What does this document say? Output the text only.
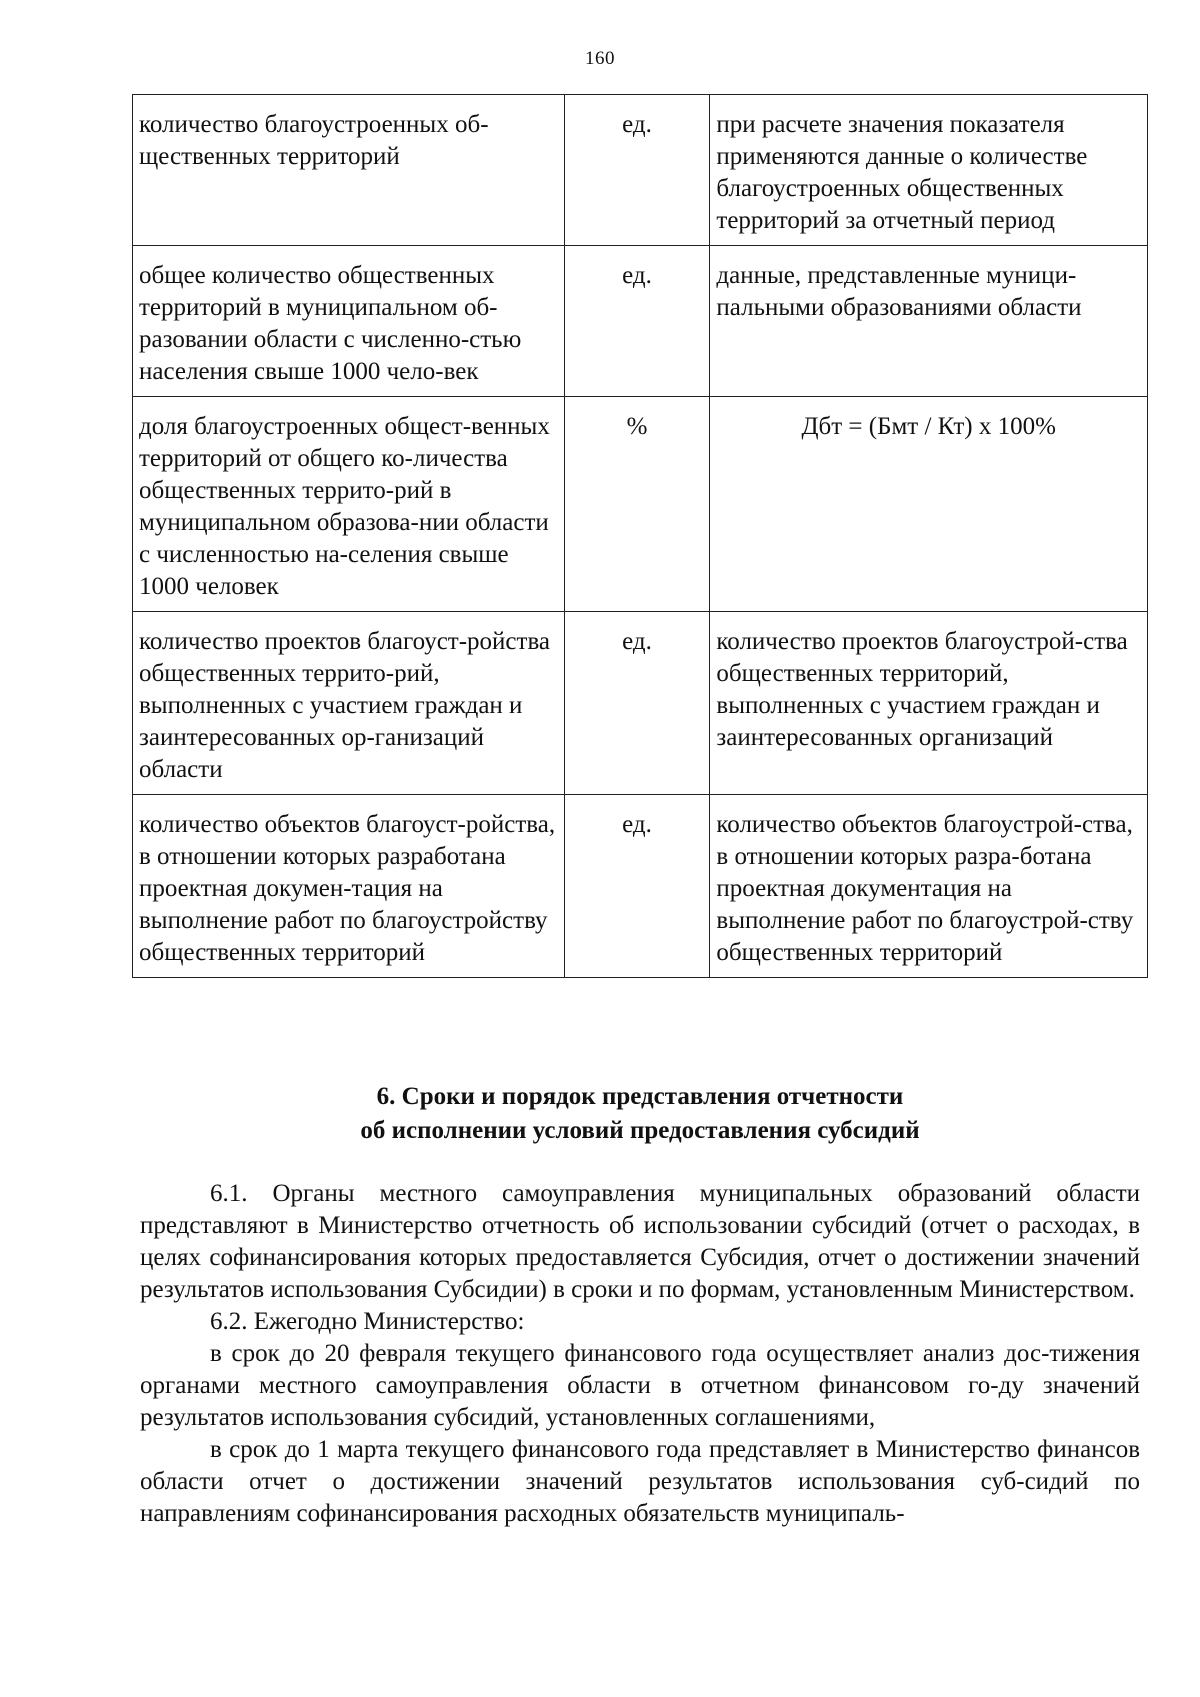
160
количество благоустроенных об-щественных территорий	ед.	при расчете значения показателя применяются данные о количестве благоустроенных общественных территорий за отчетный период
общее количество общественных территорий в муниципальном об-разовании области с численно-стью населения свыше 1000 чело-век	ед.	данные, представленные муници-пальными образованиями области
доля благоустроенных общест-венных территорий от общего ко-личества общественных террито-рий в муниципальном образова-нии области с численностью на-селения свыше 1000 человек	%	Дбт = (Бмт / Кт) х 100%
количество проектов благоуст-ройства общественных террито-рий, выполненных с участием граждан и заинтересованных ор-ганизаций области	ед.	количество проектов благоустрой-ства общественных территорий, выполненных с участием граждан и заинтересованных организаций
количество объектов благоуст-ройства, в отношении которых разработана проектная докумен-тация на выполнение работ по благоустройству общественных территорий	ед.	количество объектов благоустрой-ства, в отношении которых разра-ботана проектная документация на выполнение работ по благоустрой-ству общественных территорий
6. Сроки и порядок представления отчетности
об исполнении условий предоставления субсидий

6.1. Органы местного самоуправления муниципальных образований области представляют в Министерство отчетность об использовании субсидий (отчет о расходах, в целях софинансирования которых предоставляется Субсидия, отчет о достижении значений результатов использования Субсидии) в сроки и по формам, установленным Министерством.

6.2. Ежегодно Министерство:

в срок до 20 февраля текущего финансового года осуществляет анализ дос-тижения органами местного самоуправления области в отчетном финансовом го-ду значений результатов использования субсидий, установленных соглашениями,

в срок до 1 марта текущего финансового года представляет в Министерство финансов области отчет о достижении значений результатов использования суб-сидий по направлениям софинансирования расходных обязательств муниципаль-
